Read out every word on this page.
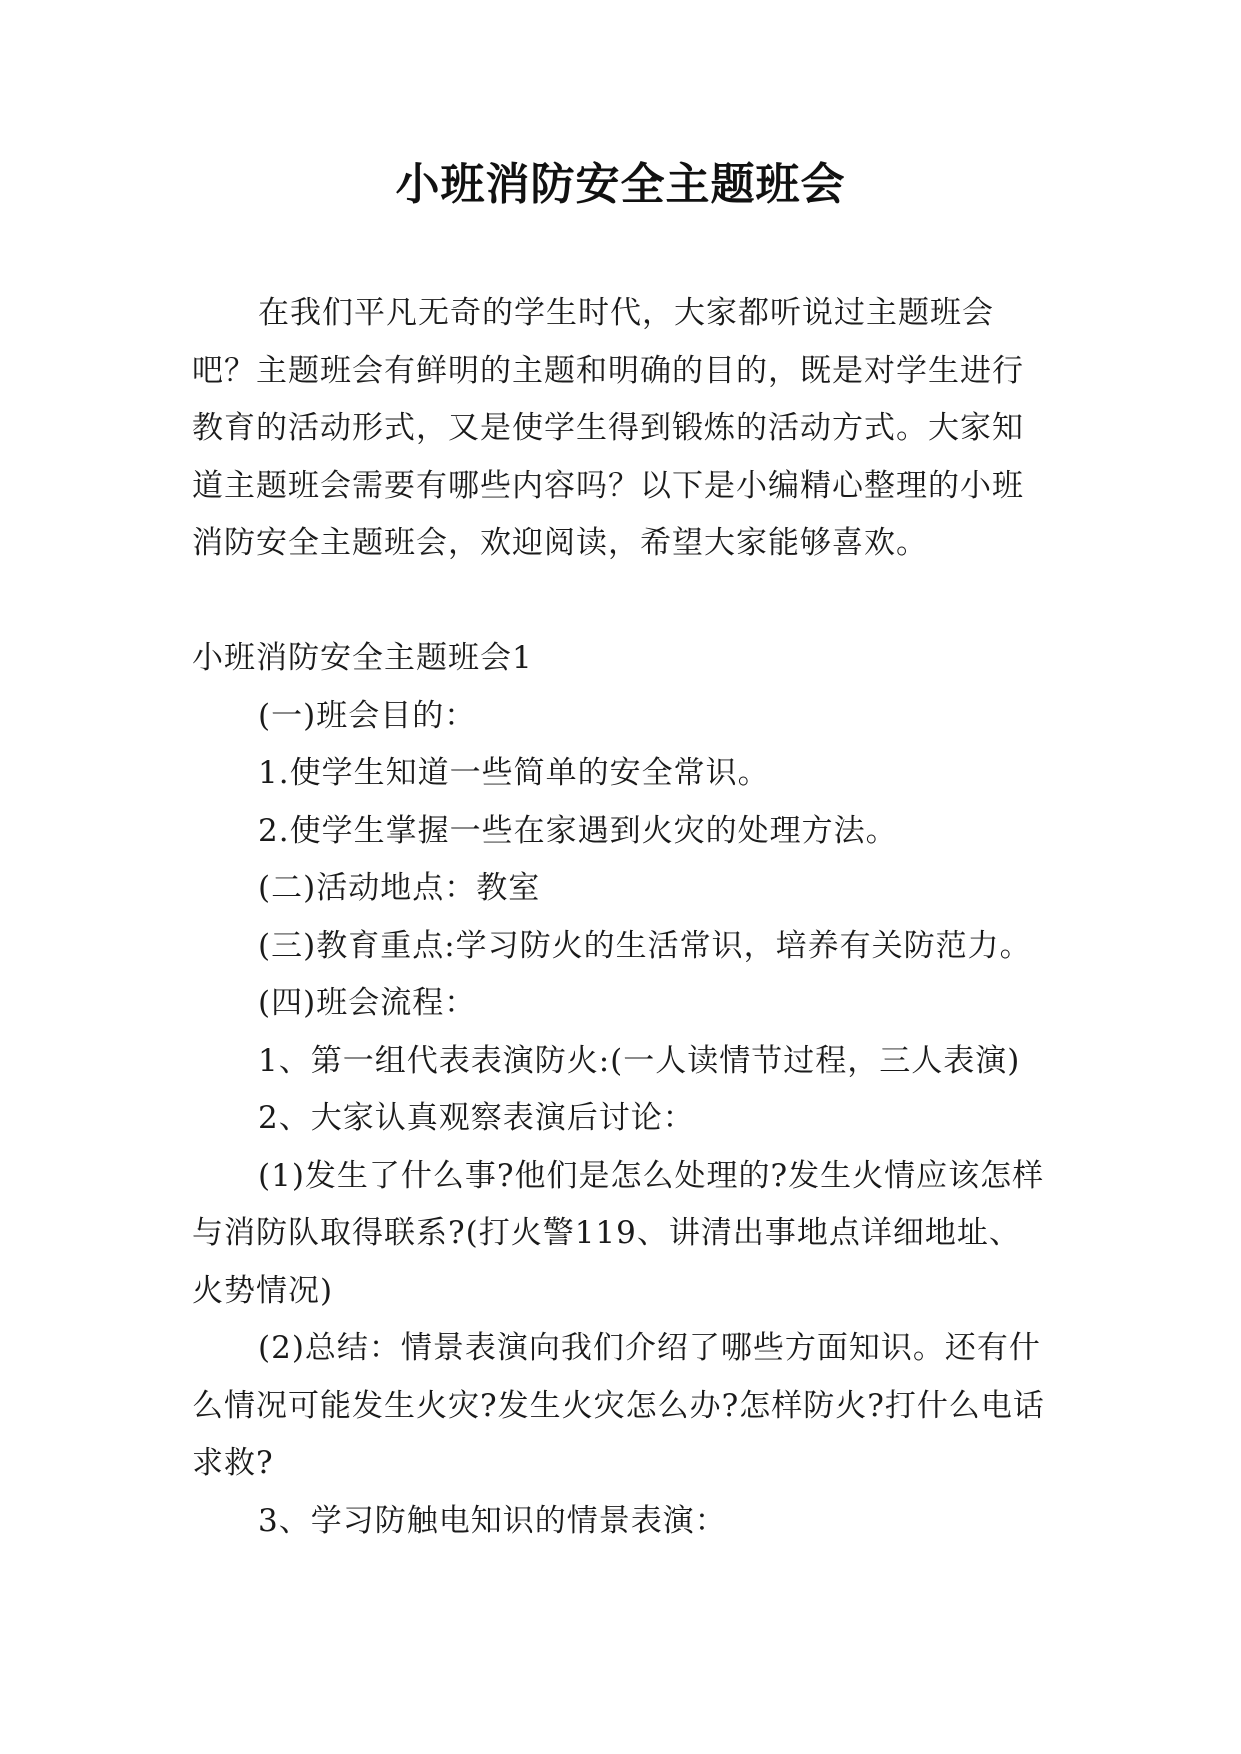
小班消防安全主题班会

在我们平凡无奇的学生时代，大家都听说过主题班会吧？主题班会有鲜明的主题和明确的目的，既是对学生进行教育的活动形式，又是使学生得到锻炼的活动方式。大家知道主题班会需要有哪些内容吗？以下是小编精心整理的小班消防安全主题班会，欢迎阅读，希望大家能够喜欢。

小班消防安全主题班会1

(一)班会目的：

1.使学生知道一些简单的安全常识。

2.使学生掌握一些在家遇到火灾的处理方法。

(二)活动地点：教室

(三)教育重点:学习防火的生活常识，培养有关防范力。

(四)班会流程：

1、第一组代表表演防火:(一人读情节过程，三人表演)

2、大家认真观察表演后讨论：

(1)发生了什么事?他们是怎么处理的?发生火情应该怎样与消防队取得联系?(打火警119、讲清出事地点详细地址、火势情况)

(2)总结：情景表演向我们介绍了哪些方面知识。还有什么情况可能发生火灾?发生火灾怎么办?怎样防火?打什么电话求救?

3、学习防触电知识的情景表演：
